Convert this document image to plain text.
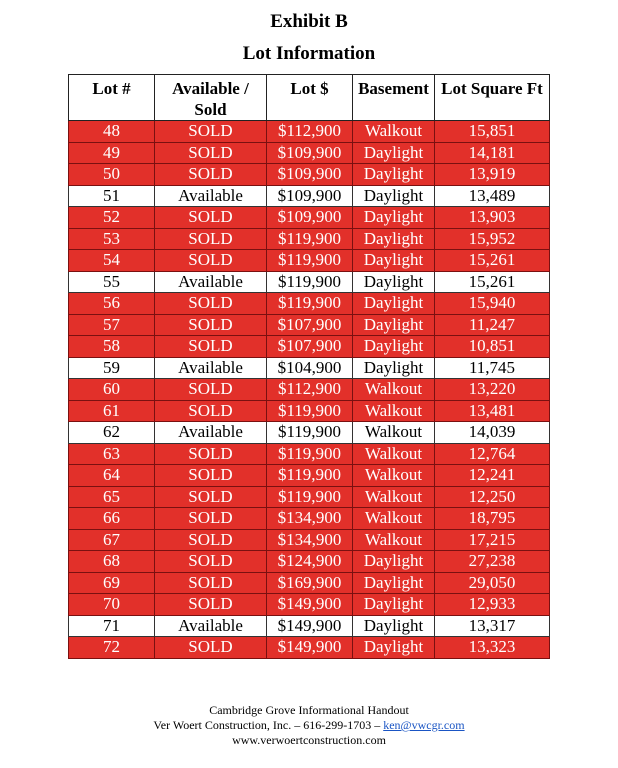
Exhibit B
Lot Information
Lot #	Available / Sold	Lot $	Basement	Lot Square Ft
48	SOLD	$112,900	Walkout	15,851
49	SOLD	$109,900	Daylight	14,181
50	SOLD	$109,900	Daylight	13,919
51	Available	$109,900	Daylight	13,489
52	SOLD	$109,900	Daylight	13,903
53	SOLD	$119,900	Daylight	15,952
54	SOLD	$119,900	Daylight	15,261
55	Available	$119,900	Daylight	15,261
56	SOLD	$119,900	Daylight	15,940
57	SOLD	$107,900	Daylight	11,247
58	SOLD	$107,900	Daylight	10,851
59	Available	$104,900	Daylight	11,745
60	SOLD	$112,900	Walkout	13,220
61	SOLD	$119,900	Walkout	13,481
62	Available	$119,900	Walkout	14,039
63	SOLD	$119,900	Walkout	12,764
64	SOLD	$119,900	Walkout	12,241
65	SOLD	$119,900	Walkout	12,250
66	SOLD	$134,900	Walkout	18,795
67	SOLD	$134,900	Walkout	17,215
68	SOLD	$124,900	Daylight	27,238
69	SOLD	$169,900	Daylight	29,050
70	SOLD	$149,900	Daylight	12,933
71	Available	$149,900	Daylight	13,317
72	SOLD	$149,900	Daylight	13,323
Cambridge Grove Informational Handout
Ver Woert Construction, Inc. – 616-299-1703 – ken@vwcgr.com
www.verwoertconstruction.com
